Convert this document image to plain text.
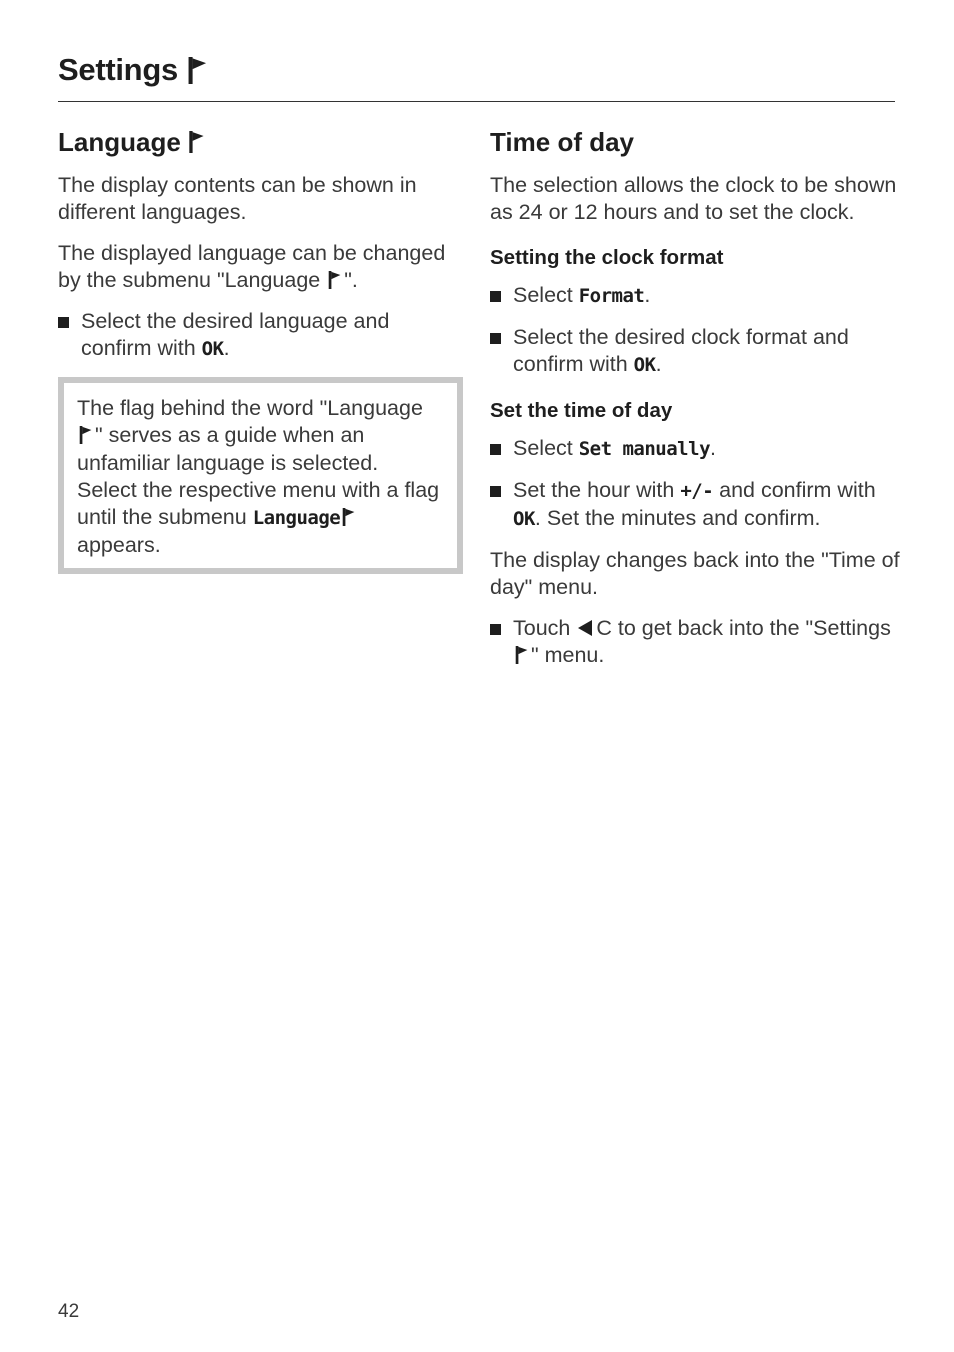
Settings
Language

The display contents can be shown in different languages.

The displayed language can be changed by the submenu "Language ".

Select the desired language and confirm with OK.
The flag behind the word "Language " serves as a guide when an unfamiliar language is selected.
Select the respective menu with a flag until the submenu Language appears.
Time of day

The selection allows the clock to be shown as 24 or 12 hours and to set the clock.

Setting the clock format
Select Format.
Select the desired clock format and confirm with OK.
Set the time of day
Select Set manually.
Set the hour with +/- and confirm with OK. Set the minutes and confirm.

The display changes back into the "Time of day" menu.

Touch C to get back into the "Settings " menu.
42
